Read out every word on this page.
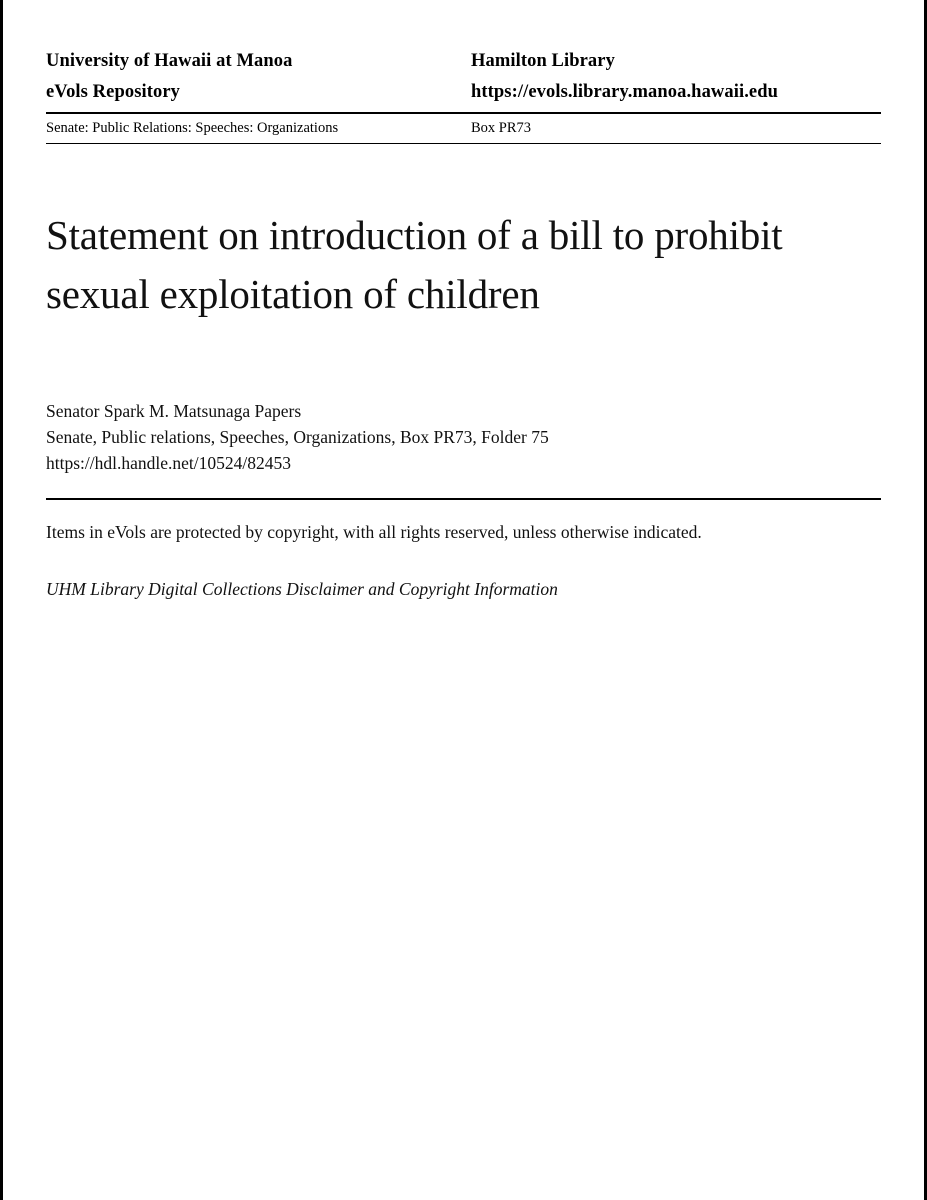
University of Hawaii at Manoa	Hamilton Library
eVols Repository	https://evols.library.manoa.hawaii.edu
Senate: Public Relations: Speeches: Organizations	Box PR73
Statement on introduction of a bill to prohibit sexual exploitation of children
Senator Spark M. Matsunaga Papers
Senate, Public relations, Speeches, Organizations, Box PR73, Folder 75
https://hdl.handle.net/10524/82453
Items in eVols are protected by copyright, with all rights reserved, unless otherwise indicated.
UHM Library Digital Collections Disclaimer and Copyright Information
